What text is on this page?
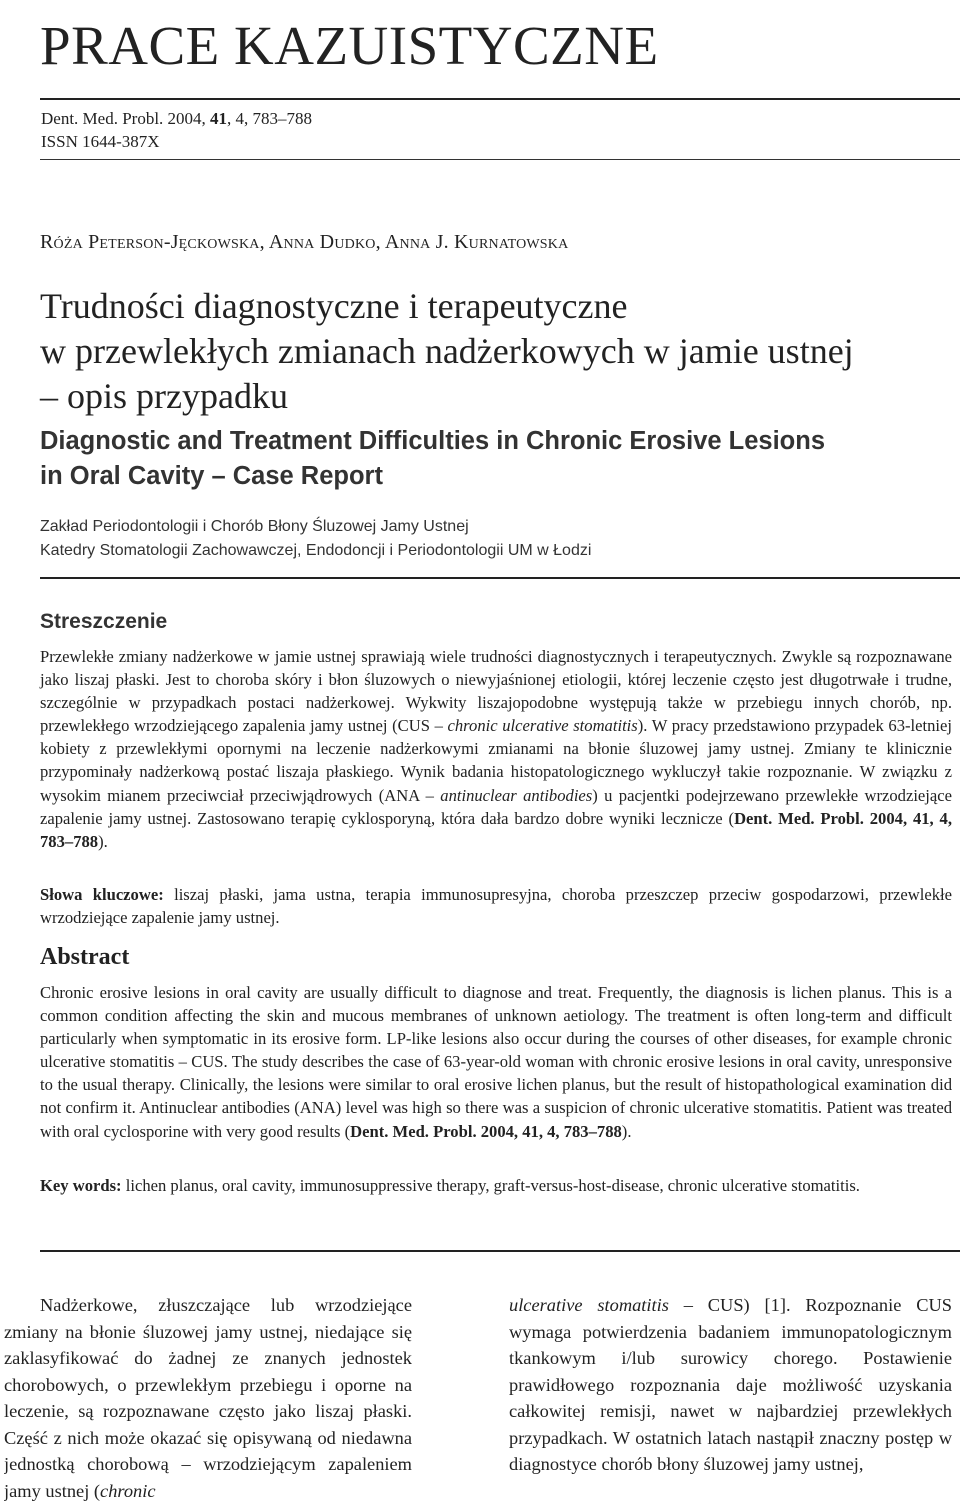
PRACE KAZUISTYCZNE
Dent. Med. Probl. 2004, 41, 4, 783–788
ISSN 1644-387X
Róża Peterson-Jęckowska, Anna Dudko, Anna J. Kurnatowska
Trudności diagnostyczne i terapeutyczne
w przewlekłych zmianach nadżerkowych w jamie ustnej
– opis przypadku
Diagnostic and Treatment Difficulties in Chronic Erosive Lesions
in Oral Cavity – Case Report
Zakład Periodontologii i Chorób Błony Śluzowej Jamy Ustnej
Katedry Stomatologii Zachowawczej, Endodoncji i Periodontologii UM w Łodzi
Streszczenie

Przewlekłe zmiany nadżerkowe w jamie ustnej sprawiają wiele trudności diagnostycznych i terapeutycznych. Zwykle są rozpoznawane jako liszaj płaski. Jest to choroba skóry i błon śluzowych o niewyjaśnionej etiologii, której leczenie często jest długotrwałe i trudne, szczególnie w przypadkach postaci nadżerkowej. Wykwity liszajopodobne występują także w przebiegu innych chorób, np. przewlekłego wrzodziejącego zapalenia jamy ustnej (CUS – chronic ulcerative stomatitis). W pracy przedstawiono przypadek 63-letniej kobiety z przewlekłymi opornymi na leczenie nadżerkowymi zmianami na błonie śluzowej jamy ustnej. Zmiany te klinicznie przypominały nadżerkową postać liszaja płaskiego. Wynik badania histopatologicznego wykluczył takie rozpoznanie. W związku z wysokim mianem przeciwciał przeciwjądrowych (ANA – antinuclear antibodies) u pacjentki podejrzewano przewlekłe wrzodziejące zapalenie jamy ustnej. Zastosowano terapię cyklosporyną, która dała bardzo dobre wyniki lecznicze (Dent. Med. Probl. 2004, 41, 4, 783–788).

Słowa kluczowe: liszaj płaski, jama ustna, terapia immunosupresyjna, choroba przeszczep przeciw gospodarzowi, przewlekłe wrzodziejące zapalenie jamy ustnej.

Abstract

Chronic erosive lesions in oral cavity are usually difficult to diagnose and treat. Frequently, the diagnosis is lichen planus. This is a common condition affecting the skin and mucous membranes of unknown aetiology. The treatment is often long-term and difficult particularly when symptomatic in its erosive form. LP-like lesions also occur during the courses of other diseases, for example chronic ulcerative stomatitis – CUS. The study describes the case of 63-year-old woman with chronic erosive lesions in oral cavity, unresponsive to the usual therapy. Clinically, the lesions were similar to oral erosive lichen planus, but the result of histopathological examination did not confirm it. Antinuclear antibodies (ANA) level was high so there was a suspicion of chronic ulcerative stomatitis. Patient was treated with oral cyclosporine with very good results (Dent. Med. Probl. 2004, 41, 4, 783–788).

Key words: lichen planus, oral cavity, immunosuppressive therapy, graft-versus-host-disease, chronic ulcerative stomatitis.

Nadżerkowe, złuszczające lub wrzodziejące zmiany na błonie śluzowej jamy ustnej, niedające się zaklasyfikować do żadnej ze znanych jednostek chorobowych, o przewlekłym przebiegu i oporne na leczenie, są rozpoznawane często jako liszaj płaski. Część z nich może okazać się opisywaną od niedawna jednostką chorobową – wrzodziejącym zapaleniem jamy ustnej (chronic

ulcerative stomatitis – CUS) [1]. Rozpoznanie CUS wymaga potwierdzenia badaniem immunopatologicznym tkankowym i/lub surowicy chorego. Postawienie prawidłowego rozpoznania daje możliwość uzyskania całkowitej remisji, nawet w najbardziej przewlekłych przypadkach. W ostatnich latach nastąpił znaczny postęp w diagnostyce chorób błony śluzowej jamy ustnej,
